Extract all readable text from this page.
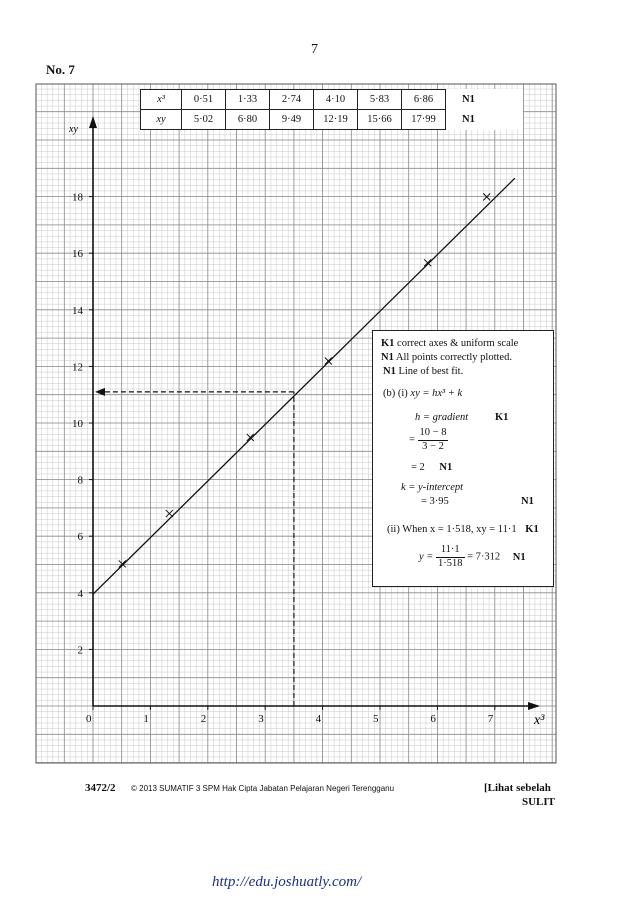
7
No. 7
0	1	2	3	4	5	6	7
2
4
6
8
10
12
14
16
18
x³
xy
x³	0·51	1·33	2·74	4·10	5·83	6·86	N1
xy	5·02	6·80	9·49	12·19	15·66	17·99	N1
K1 correct axes & uniform scale
N1 All points correctly plotted.
N1 Line of best fit.
(b) (i) xy = hx³ + k
h = gradient	K1
= $\frac{10 - 8}{3 - 2}$
= 2 N1
k = y-intercept
= 3·95	N1
(ii) When x = 1·518, xy = 11·1 K1
$y = \frac{11\cdot 1}{1\cdot 518} = 7\cdot 312$ N1
3472/2 © 2013 SUMATIF 3 SPM Hak Cipta Jabatan Pelajaran Negeri Terengganu	[Lihat sebelah
SULIT
http://edu.joshuatly.com/
